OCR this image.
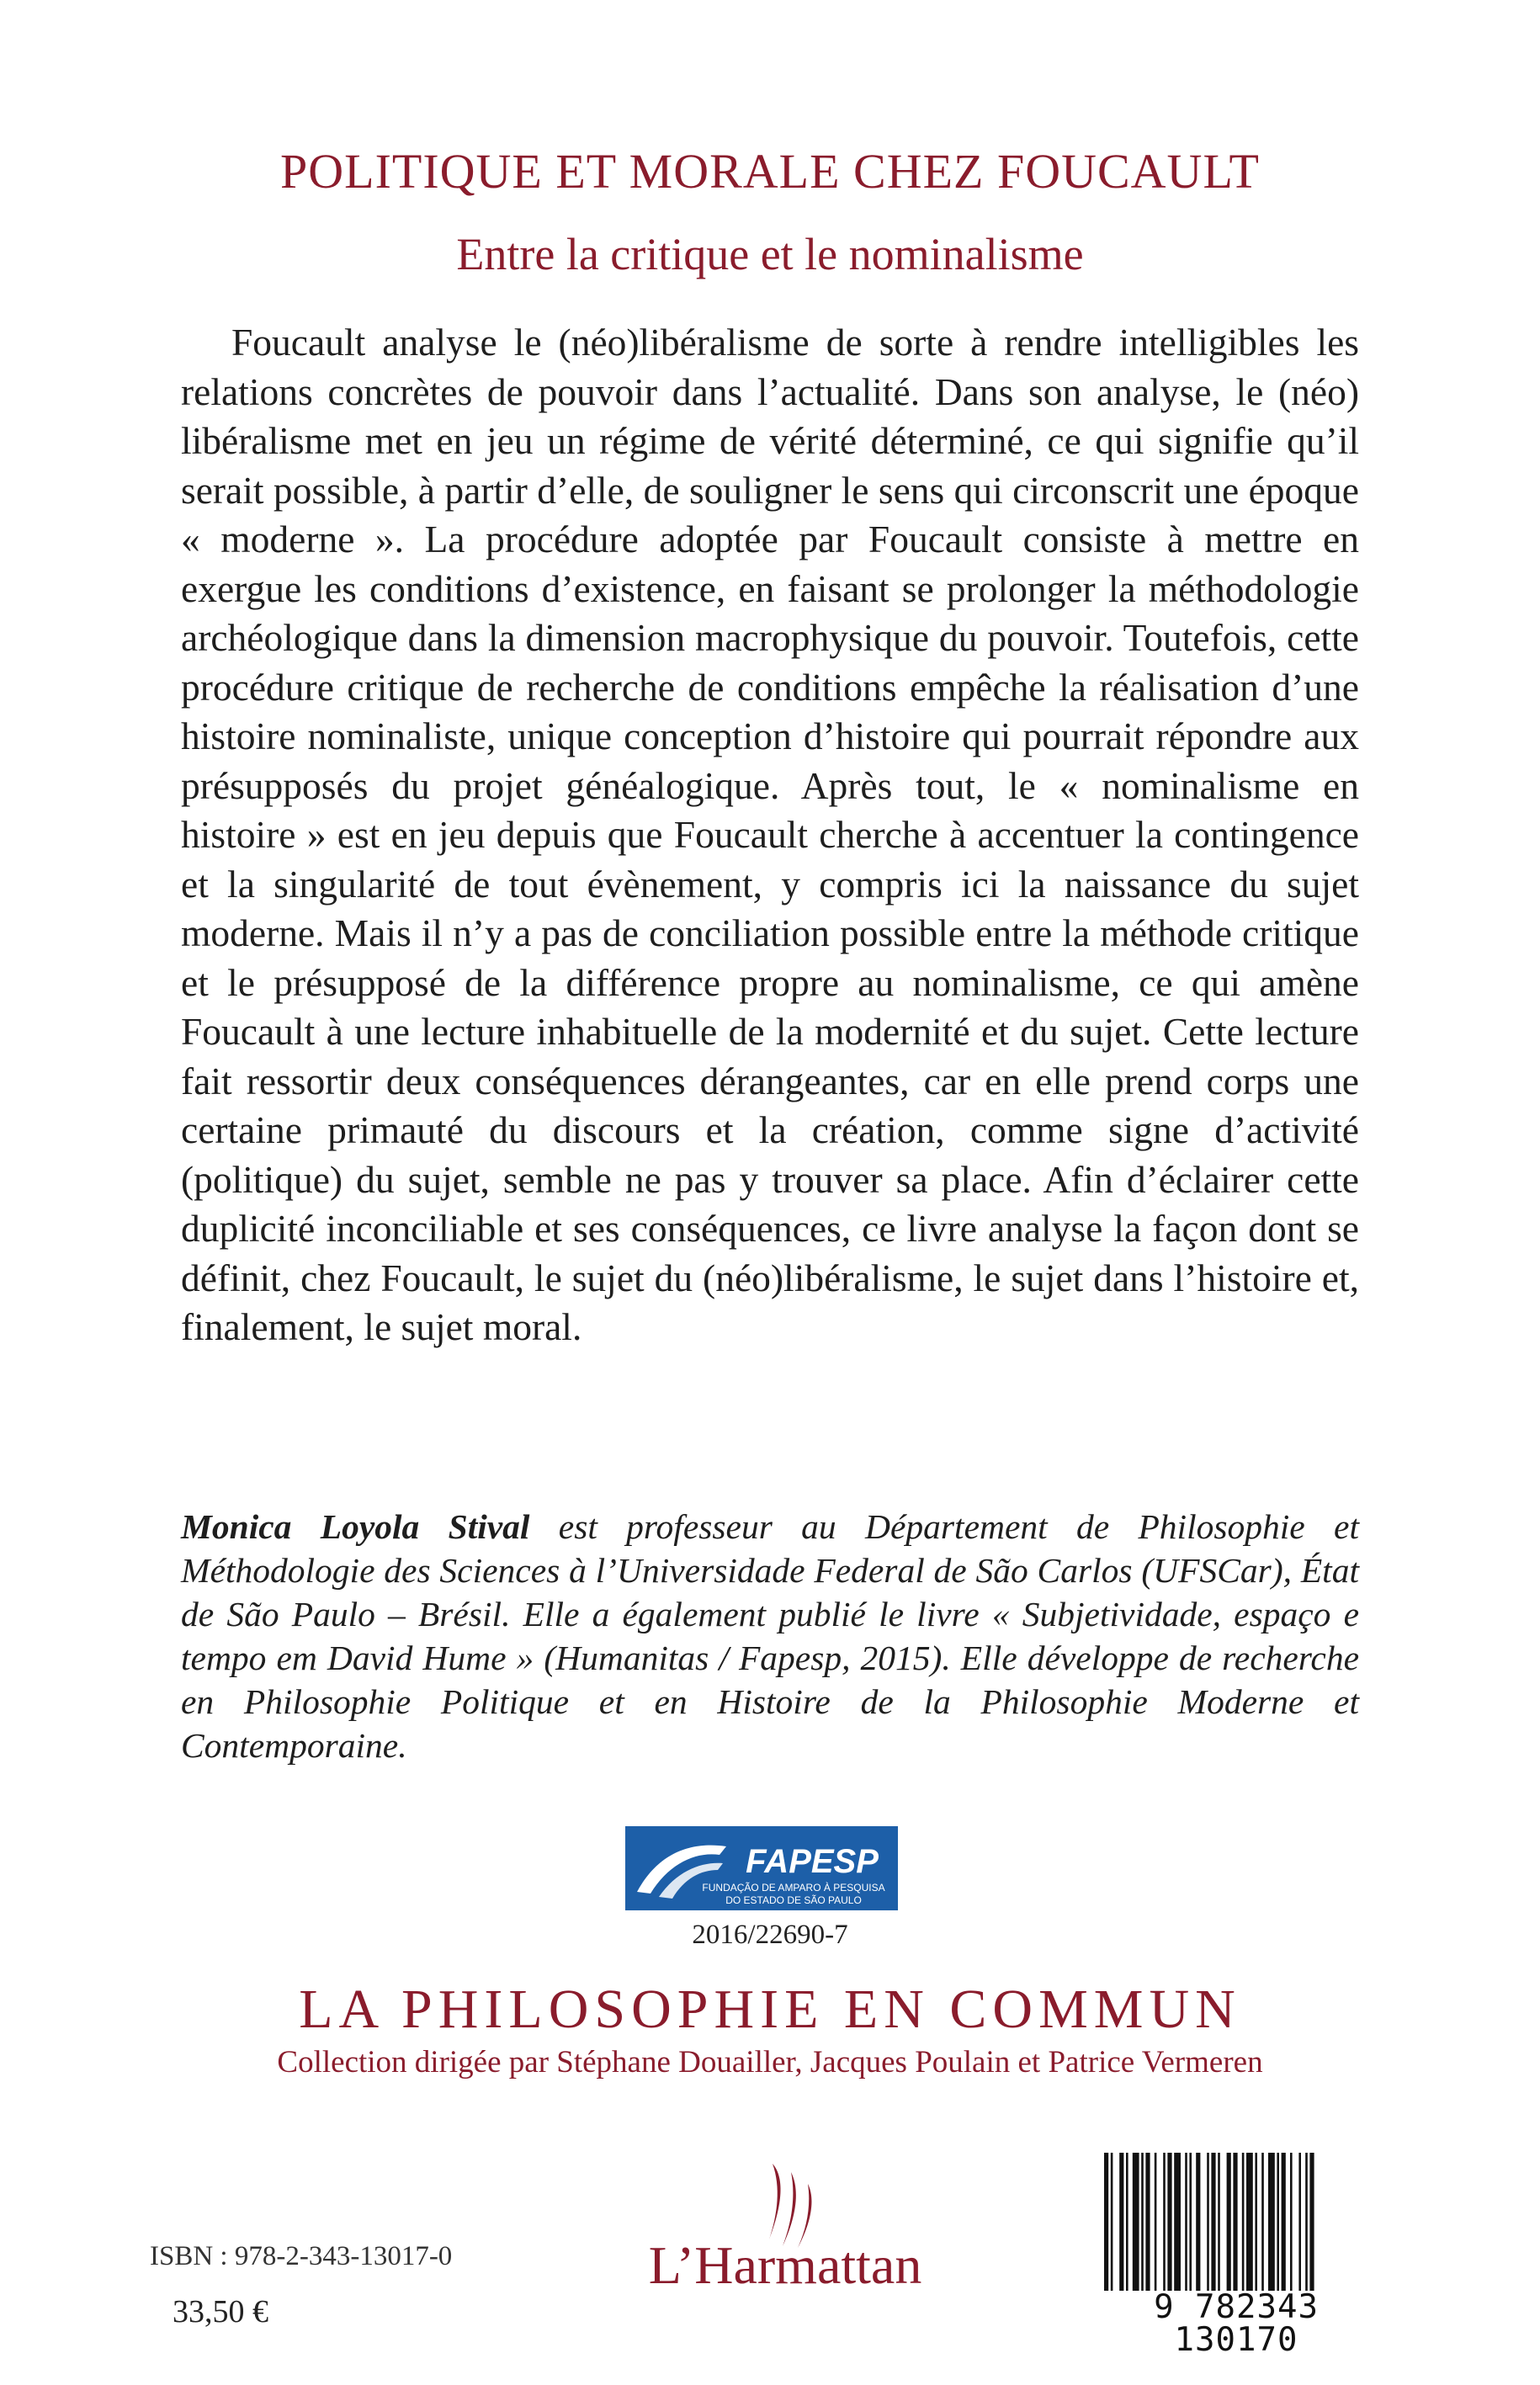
POLITIQUE ET MORALE CHEZ FOUCAULT
Entre la critique et le nominalisme

Foucault analyse le (néo)libéralisme de sorte à rendre intelligibles les relations concrètes de pouvoir dans l’actualité. Dans son analyse, le (néo) libéralisme met en jeu un régime de vérité déterminé, ce qui signifie qu’il serait possible, à partir d’elle, de souligner le sens qui circonscrit une époque « moderne ». La procédure adoptée par Foucault consiste à mettre en exergue les conditions d’existence, en faisant se prolonger la méthodologie archéologique dans la dimension macrophysique du pouvoir. Toutefois, cette procédure critique de recherche de conditions empêche la réalisation d’une histoire nominaliste, unique conception d’histoire qui pourrait répondre aux présupposés du projet généalogique. Après tout, le « nominalisme en histoire » est en jeu depuis que Foucault cherche à accentuer la contingence et la singularité de tout évènement, y compris ici la naissance du sujet moderne. Mais il n’y a pas de conciliation possible entre la méthode critique et le présupposé de la différence propre au nominalisme, ce qui amène Foucault à une lecture inhabituelle de la modernité et du sujet. Cette lecture fait ressortir deux conséquences dérangeantes, car en elle prend corps une certaine primauté du discours et la création, comme signe d’activité (politique) du sujet, semble ne pas y trouver sa place. Afin d’éclairer cette duplicité inconciliable et ses conséquences, ce livre analyse la façon dont se définit, chez Foucault, le sujet du (néo)libéralisme, le sujet dans l’histoire et, finalement, le sujet moral.

Monica Loyola Stival est professeur au Département de Philosophie et Méthodologie des Sciences à l’Universidade Federal de São Carlos (UFSCar), État de São Paulo – Brésil. Elle a également publié le livre « Subjetividade, espaço e tempo em David Hume » (Humanitas / Fapesp, 2015). Elle développe de recherche en Philosophie Politique et en Histoire de la Philosophie Moderne et Contemporaine.

FAPESP
FUNDAÇÃO DE AMPARO À PESQUISA
DO ESTADO DE SÃO PAULO
2016/22690-7
LA PHILOSOPHIE EN COMMUN
Collection dirigée par Stéphane Douailler, Jacques Poulain et Patrice Vermeren
ISBN : 978-2-343-13017-0
33,50 €
L’Harmattan
9 782343 130170
